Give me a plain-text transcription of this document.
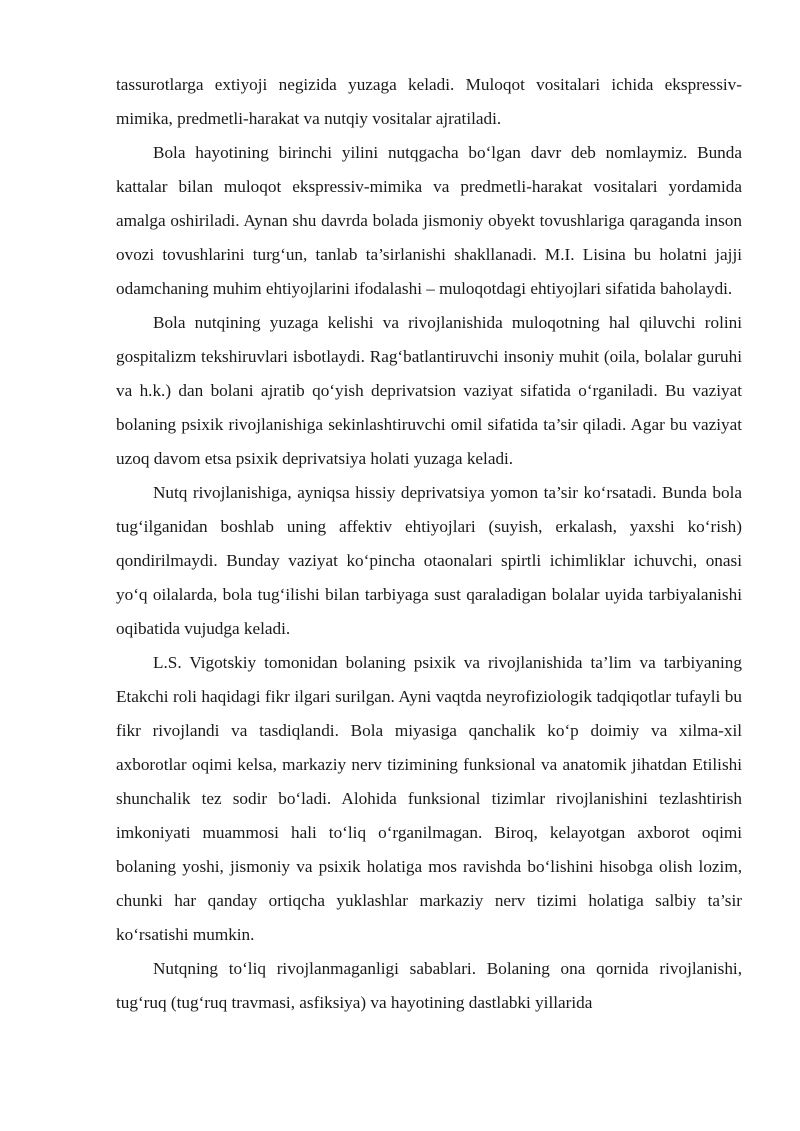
tassurotlarga extiyoji negizida yuzaga keladi. Muloqot vositalari ichida ekspressiv-mimika, predmetli-harakat va nutqiy vositalar ajratiladi.

Bola hayotining birinchi yilini nutqgacha bo‘lgan davr deb nomlaymiz. Bunda kattalar bilan muloqot ekspressiv-mimika va predmetli-harakat vositalari yordamida amalga oshiriladi. Aynan shu davrda bolada jismoniy obyekt tovushlariga qaraganda inson ovozi tovushlarini turg‘un, tanlab ta’sirlanishi shakllanadi. M.I. Lisina bu holatni jajji odamchaning muhim ehtiyojlarini ifodalashi – muloqotdagi ehtiyojlari sifatida baholaydi.

Bola nutqining yuzaga kelishi va rivojlanishida muloqotning hal qiluvchi rolini gospitalizm tekshiruvlari isbotlaydi. Rag‘batlantiruvchi insoniy muhit (oila, bolalar guruhi va h.k.) dan bolani ajratib qo‘yish deprivatsion vaziyat sifatida o‘rganiladi. Bu vaziyat bolaning psixik rivojlanishiga sekinlashtiruvchi omil sifatida ta’sir qiladi. Agar bu vaziyat uzoq davom etsa psixik deprivatsiya holati yuzaga keladi.

Nutq rivojlanishiga, ayniqsa hissiy deprivatsiya yomon ta’sir ko‘rsatadi. Bunda bola tug‘ilganidan boshlab uning affektiv ehtiyojlari (suyish, erkalash, yaxshi ko‘rish) qondirilmaydi. Bunday vaziyat ko‘pincha otaonalari spirtli ichimliklar ichuvchi, onasi yo‘q oilalarda, bola tug‘ilishi bilan tarbiyaga sust qaraladigan bolalar uyida tarbiyalanishi oqibatida vujudga keladi.

L.S. Vigotskiy tomonidan bolaning psixik va rivojlanishida ta’lim va tarbiyaning Etakchi roli haqidagi fikr ilgari surilgan. Ayni vaqtda neyrofiziologik tadqiqotlar tufayli bu fikr rivojlandi va tasdiqlandi. Bola miyasiga qanchalik ko‘p doimiy va xilma-xil axborotlar oqimi kelsa, markaziy nerv tizimining funksional va anatomik jihatdan Etilishi shunchalik tez sodir bo‘ladi. Alohida funksional tizimlar rivojlanishini tezlashtirish imkoniyati muammosi hali to‘liq o‘rganilmagan. Biroq, kelayotgan axborot oqimi bolaning yoshi, jismoniy va psixik holatiga mos ravishda bo‘lishini hisobga olish lozim, chunki har qanday ortiqcha yuklashlar markaziy nerv tizimi holatiga salbiy ta’sir ko‘rsatishi mumkin.

Nutqning to‘liq rivojlanmaganligi sabablari. Bolaning ona qornida rivojlanishi, tug‘ruq (tug‘ruq travmasi, asfiksiya) va hayotining dastlabki yillarida
